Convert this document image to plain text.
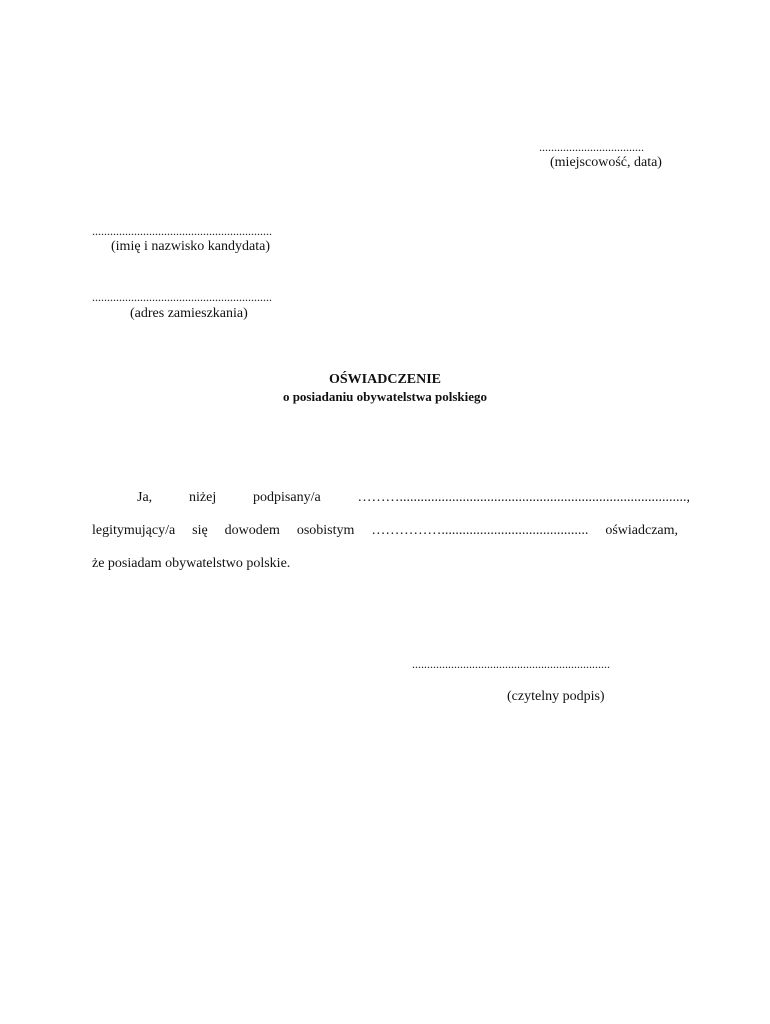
...................................
(miejscowość, data)
............................................................
(imię i nazwisko kandydata)
............................................................
(adres zamieszkania)
OŚWIADCZENIE
o posiadaniu obywatelstwa polskiego
Ja,	niżej	podpisany/a	………..................................................................................,
legitymujący/a się dowodem osobistym …………….......................................... oświadczam,
że posiadam obywatelstwo polskie.
..................................................................
(czytelny podpis)
